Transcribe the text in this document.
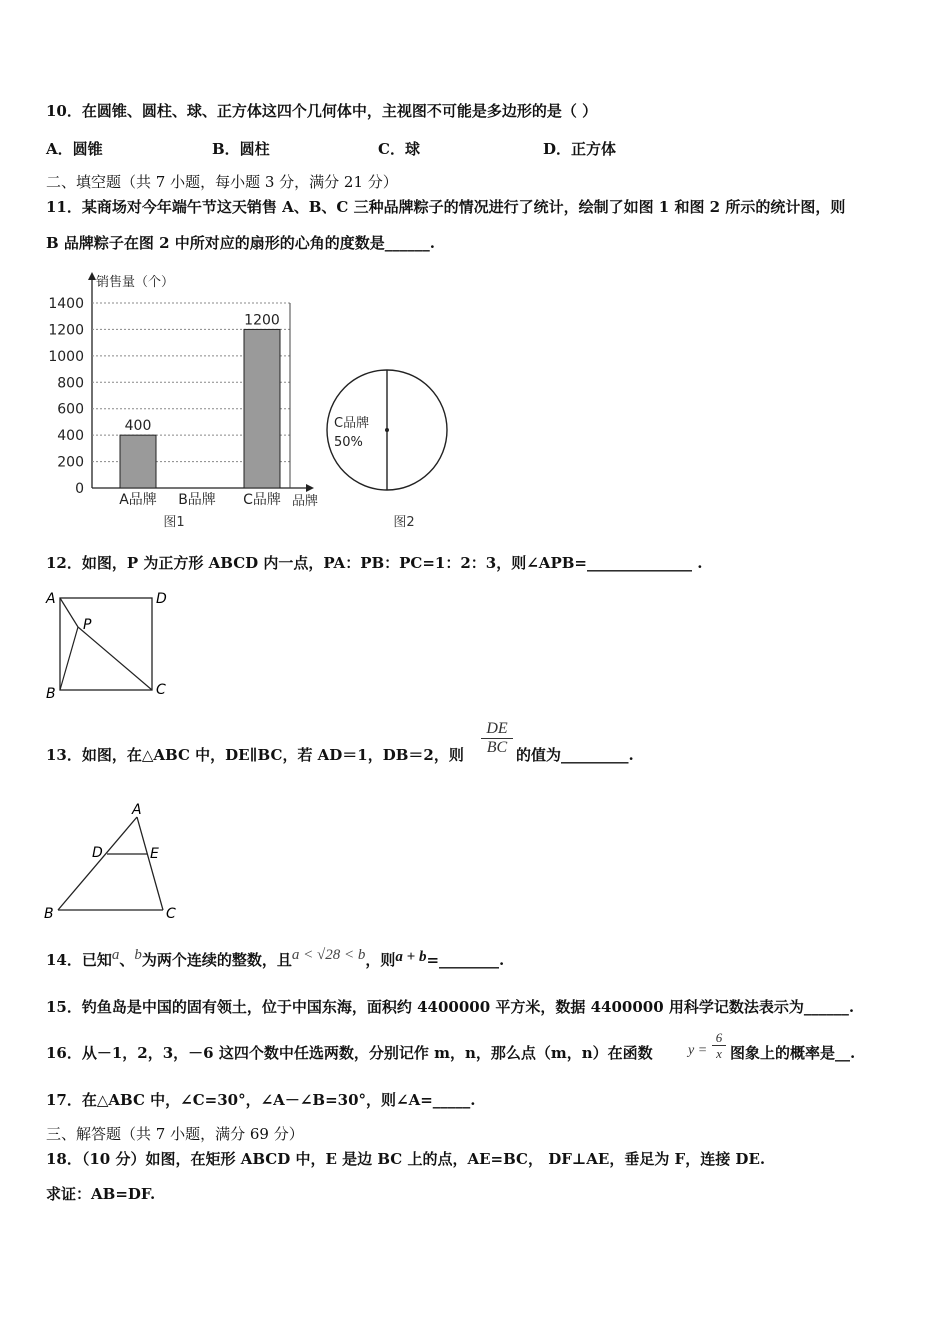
10．在圆锥、圆柱、球、正方体这四个几何体中，主视图不可能是多边形的是（ ）
A．圆锥	B．圆柱	C．球	D．正方体
二、填空题（共 7 小题，每小题 3 分，满分 21 分）
11．某商场对今年端午节这天销售 A、B、C 三种品牌粽子的情况进行了统计，绘制了如图 1 和图 2 所示的统计图，则
B 品牌粽子在图 2 中所对应的扇形的心角的度数是______.
0
200
400
600
800
1000
1200
1400
400
1200
A品牌 B品牌 C品牌
销售量（个）
品牌
图1
C品牌
50%
图2
12．如图，P 为正方形 ABCD 内一点，PA：PB：PC=1：2：3，则∠APB=______________ .
A	D
B	C
P
13．如图，在△ABC 中，DE∥BC，若 AD＝1，DB＝2，则 $\frac{DE}{BC}$ 的值为_________.
A
D	E
B	C
14．已知a、b为两个连续的整数，且a < √28 < b，则a + b=________.
15．钓鱼岛是中国的固有领土，位于中国东海，面积约 4400000 平方米，数据 4400000 用科学记数法表示为______.
16．从－1，2，3，－6 这四个数中任选两数，分别记作 m，n，那么点（m，n）在函数	$y = \frac{6}{x}$ 图象上的概率是__.
17．在△ABC 中，∠C=30°，∠A－∠B=30°，则∠A=_____.
三、解答题（共 7 小题，满分 69 分）
18．（10 分）如图，在矩形 ABCD 中，E 是边 BC 上的点，AE=BC， DF⊥AE，垂足为 F，连接 DE.
求证：AB=DF.
